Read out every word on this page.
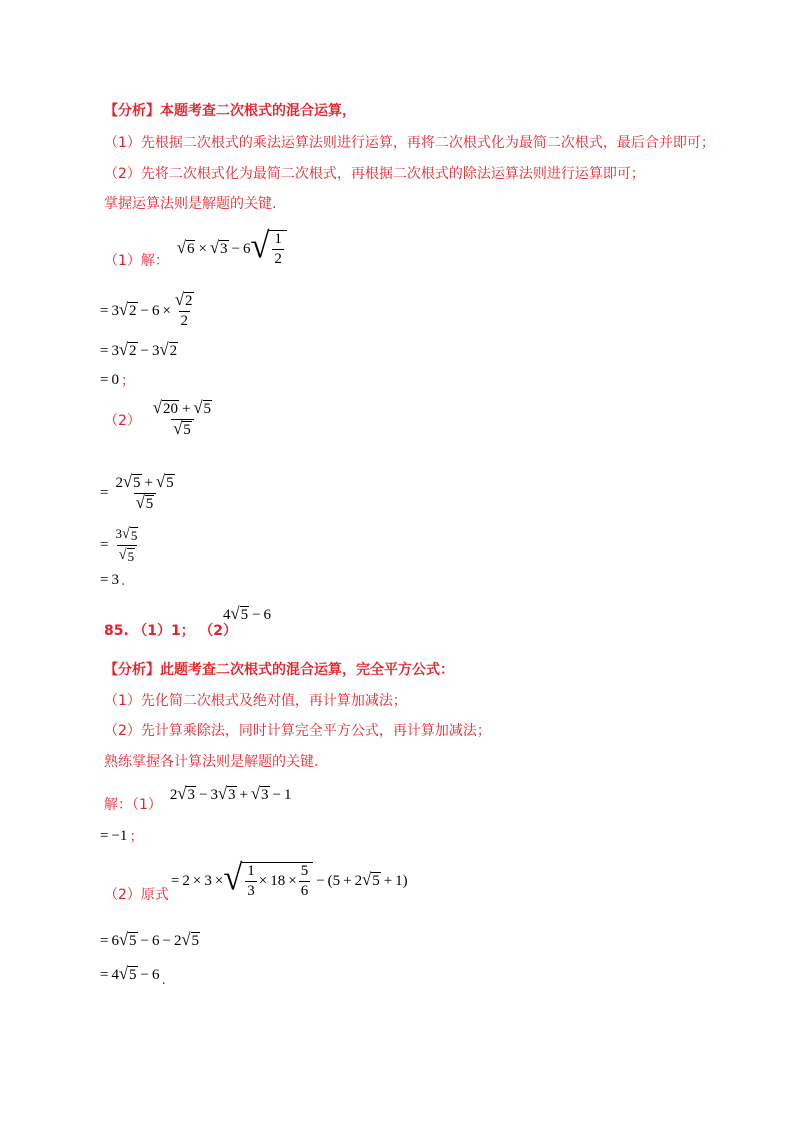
【分析】本题考查二次根式的混合运算，
（1）先根据二次根式的乘法运算法则进行运算，再将二次根式化为最简二次根式，最后合并即可；
（2）先将二次根式化为最简二次根式，再根据二次根式的除法运算法则进行运算即可；
掌握运算法则是解题的关键.
（1）解：
√ 6 × √ 3 − 6 √ $\frac{1}{2}$
= 3 √ $2 - 6 \times \frac{√ 2}{2}$
= 3 √ 2 − 3 √ 2
= 0 ；
$(2) \frac{√ 20 + √ 5}{√ 5}$
= $\frac{2 √ 5 + √ 5}{√ 5}$
= $\frac{3 √ 5}{√ 5}$
= 3 .
85. （1）1； （2）
4 √ 5 − 6
【分析】此题考查二次根式的混合运算，完全平方公式：
（1）先化简二次根式及绝对值，再计算加减法；
（2）先计算乘除法，同时计算完全平方公式，再计算加减法；
熟练掌握各计算法则是解题的关键.
解：（1）
2 √ 3 − 3 √ 3 + √ 3 − 1
= −1 ；
（2）原式
= 2 × 3 × √ $\frac{1}{3} \times 18 \times \frac{5}{6} - (5 + 2$ √ 5 + 1)
= 6 √ 5 − 6 − 2 √ 5
= 4 √ 5 − 6 .
